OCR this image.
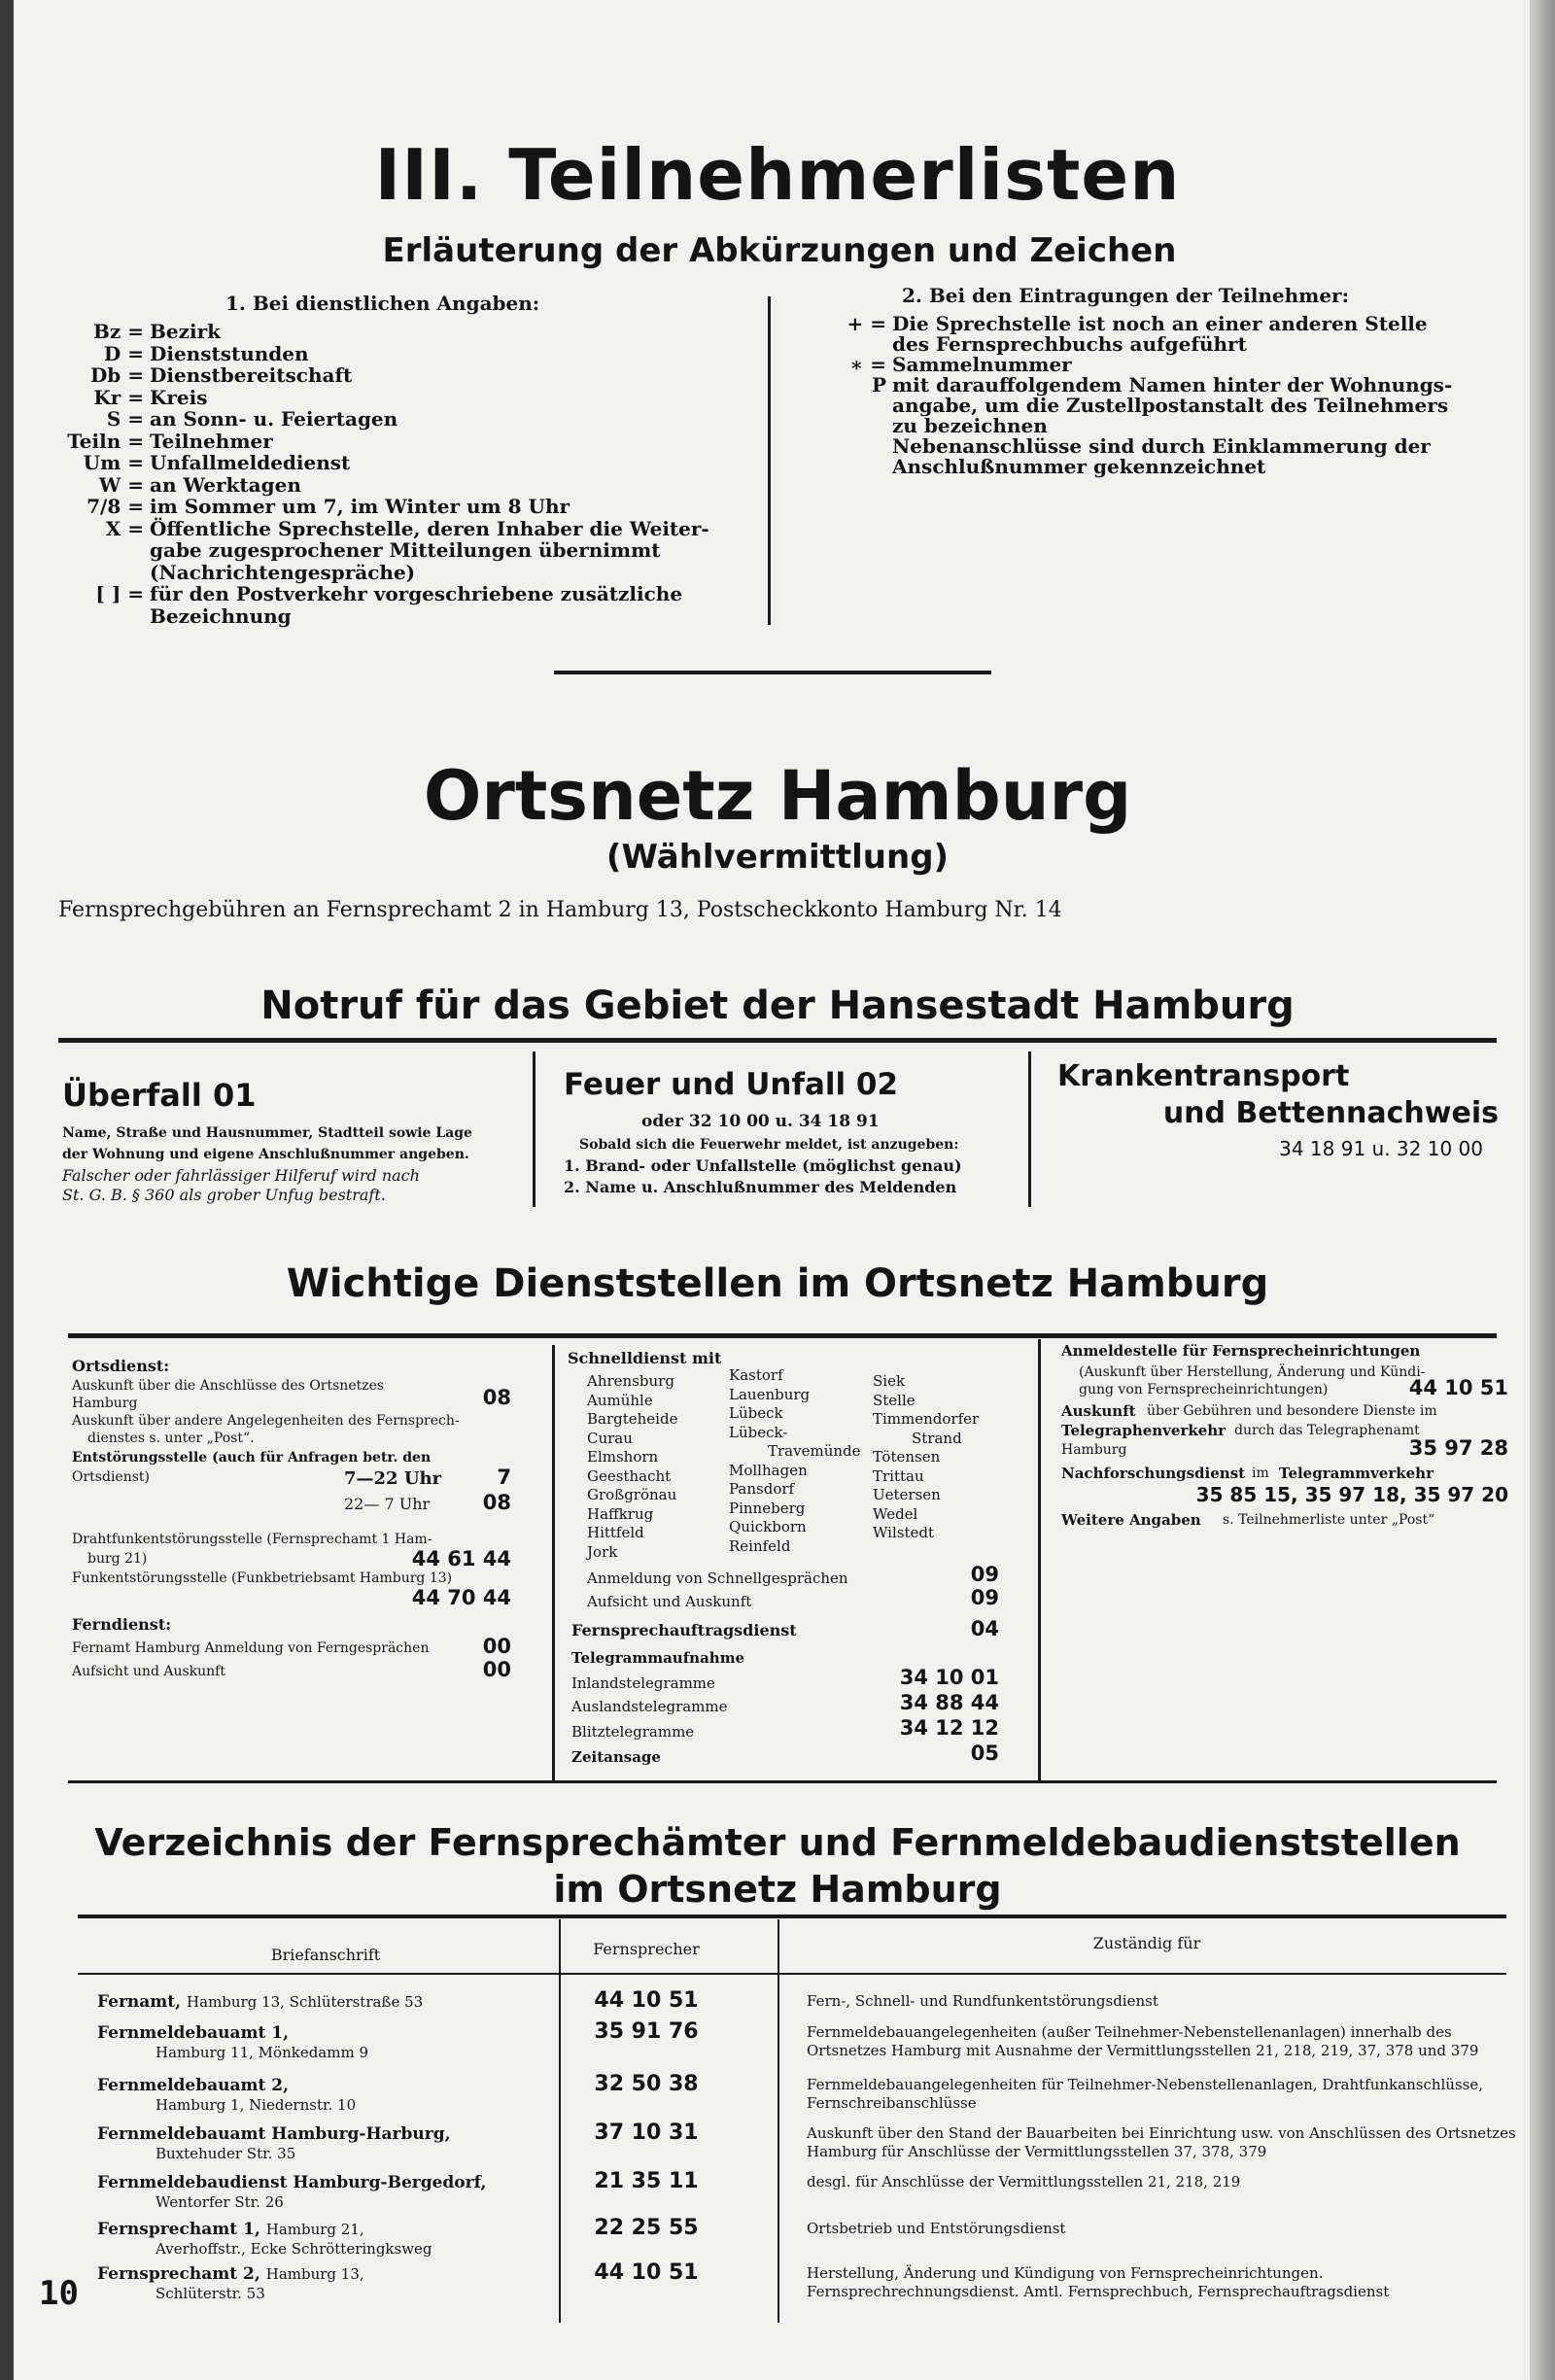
III. Teilnehmerlisten
Erläuterung der Abkürzungen und Zeichen
1. Bei dienstlichen Angaben:
Bz = Bezirk
D = Dienststunden
Db = Dienstbereitschaft
Kr = Kreis
S = an Sonn- u. Feiertagen
Teiln = Teilnehmer
Um = Unfallmeldedienst
W = an Werktagen
7/8 = im Sommer um 7, im Winter um 8 Uhr
X = Öffentliche Sprechstelle, deren Inhaber die Weiter-
gabe zugesprochener Mitteilungen übernimmt
(Nachrichtengespräche)
[ ] = für den Postverkehr vorgeschriebene zusätzliche
Bezeichnung
2. Bei den Eintragungen der Teilnehmer:
+ = Die Sprechstelle ist noch an einer anderen Stelle
des Fernsprechbuchs aufgeführt
∗ = Sammelnummer
P mit darauffolgendem Namen hinter der Wohnungs-
angabe, um die Zustellpostanstalt des Teilnehmers
zu bezeichnen
Nebenanschlüsse sind durch Einklammerung der
Anschlußnummer gekennzeichnet
Ortsnetz Hamburg
(Wählvermittlung)
Fernsprechgebühren an Fernsprechamt 2 in Hamburg 13, Postscheckkonto Hamburg Nr. 14
Notruf für das Gebiet der Hansestadt Hamburg
Überfall 01
Name, Straße und Hausnummer, Stadtteil sowie Lage
der Wohnung und eigene Anschlußnummer angeben.
Falscher oder fahrlässiger Hilferuf wird nach
St. G. B. § 360 als grober Unfug bestraft.
Feuer und Unfall 02
oder 32 10 00 u. 34 18 91
Sobald sich die Feuerwehr meldet, ist anzugeben:
1. Brand- oder Unfallstelle (möglichst genau)
2. Name u. Anschlußnummer des Meldenden
Krankentransport
und Bettennachweis
34 18 91 u. 32 10 00
Wichtige Dienststellen im Ortsnetz Hamburg
Ortsdienst:
Auskunft über die Anschlüsse des Ortsnetzes
Hamburg	08
Auskunft über andere Angelegenheiten des Fernsprech-
dienstes s. unter „Post“.
Entstörungsstelle (auch für Anfragen betr. den
Ortsdienst)	7—22 Uhr	7
22— 7 Uhr	08
Drahtfunkentstörungsstelle (Fernsprechamt 1 Ham-
burg 21)	44 61 44
Funkentstörungsstelle (Funkbetriebsamt Hamburg 13)
44 70 44
Ferndienst:
Fernamt Hamburg Anmeldung von Ferngesprächen	00
Aufsicht und Auskunft	00
Schnelldienst mit
Ahrensburg
Aumühle
Bargteheide
Curau
Elmshorn
Geesthacht
Großgrönau
Haffkrug
Hittfeld
Jork
Kastorf
Lauenburg
Lübeck
Lübeck-
Travemünde
Mollhagen
Pansdorf
Pinneberg
Quickborn
Reinfeld
Siek
Stelle
Timmendorfer
Strand
Tötensen
Trittau
Uetersen
Wedel
Wilstedt
Anmeldung von Schnellgesprächen	09
Aufsicht und Auskunft	09
Fernsprechauftragsdienst	04
Telegrammaufnahme
Inlandstelegramme	34 10 01
Auslandstelegramme	34 88 44
Blitztelegramme	34 12 12
Zeitansage	05
Anmeldestelle für Fernsprecheinrichtungen
(Auskunft über Herstellung, Änderung und Kündi-
gung von Fernsprecheinrichtungen)	44 10 51
Auskunft über Gebühren und besondere Dienste im
Telegraphenverkehr durch das Telegraphenamt
Hamburg	35 97 28
Nachforschungsdienst im Telegrammverkehr
35 85 15, 35 97 18, 35 97 20
Weitere Angaben s. Teilnehmerliste unter „Post“
Verzeichnis der Fernsprechämter und Fernmeldebaudienststellen
im Ortsnetz Hamburg
Briefanschrift	Fernsprecher	Zuständig für
Fernamt, Hamburg 13, Schlüterstraße 53	44 10 51	Fern-, Schnell- und Rundfunkentstörungsdienst
Fernmeldebauamt 1,
Hamburg 11, Mönkedamm 9
35 91 76	Fernmeldebauangelegenheiten (außer Teilnehmer-Nebenstellenanlagen) innerhalb des Ortsnetzes Hamburg mit Ausnahme der Vermittlungsstellen 21, 218, 219, 37, 378 und 379
Fernmeldebauamt 2,
Hamburg 1, Niedernstr. 10
32 50 38	Fernmeldebauangelegenheiten für Teilnehmer-Nebenstellenanlagen, Drahtfunkanschlüsse, Fernschreibanschlüsse
Fernmeldebauamt Hamburg-Harburg,
Buxtehuder Str. 35
37 10 31	Auskunft über den Stand der Bauarbeiten bei Einrichtung usw. von Anschlüssen des Ortsnetzes Hamburg für Anschlüsse der Vermittlungsstellen 37, 378, 379
Fernmeldebaudienst Hamburg-Bergedorf,
Wentorfer Str. 26
21 35 11	desgl. für Anschlüsse der Vermittlungsstellen 21, 218, 219
Fernsprechamt 1, Hamburg 21,
Averhoffstr., Ecke Schrötteringksweg
22 25 55	Ortsbetrieb und Entstörungsdienst
Fernsprechamt 2, Hamburg 13,
Schlüterstr. 53
44 10 51	Herstellung, Änderung und Kündigung von Fernsprecheinrichtungen. Fernsprechrechnungsdienst. Amtl. Fernsprechbuch, Fernsprechauftragsdienst
10
